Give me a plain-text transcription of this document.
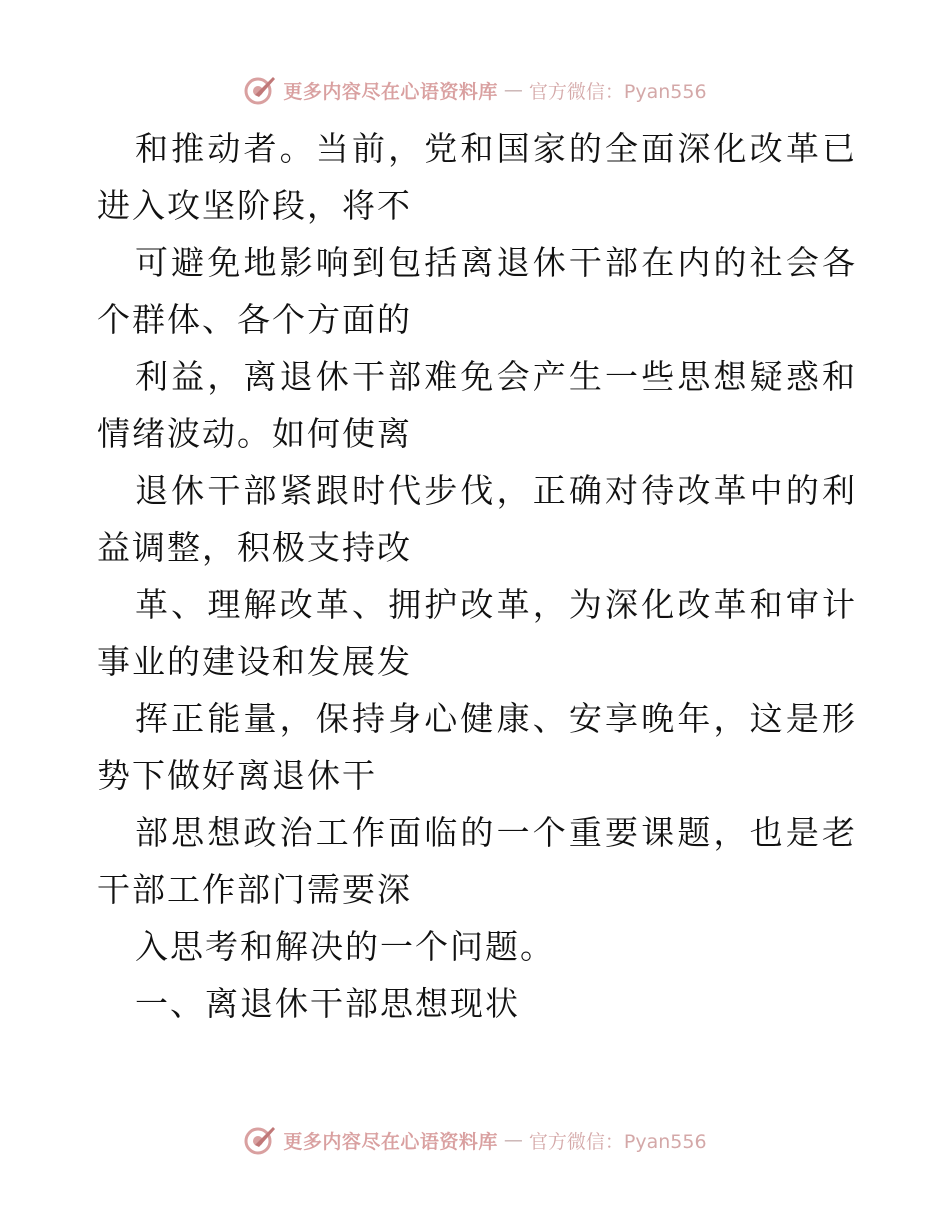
更多内容尽在心语资料库 — 官方微信：Pyan556

和推动者。当前，党和国家的全面深化改革已进入攻坚阶段，将不

可避免地影响到包括离退休干部在内的社会各个群体、各个方面的

利益，离退休干部难免会产生一些思想疑惑和情绪波动。如何使离

退休干部紧跟时代步伐，正确对待改革中的利益调整，积极支持改

革、理解改革、拥护改革，为深化改革和审计事业的建设和发展发

挥正能量，保持身心健康、安享晚年，这是形势下做好离退休干

部思想政治工作面临的一个重要课题，也是老干部工作部门需要深

入思考和解决的一个问题。

一、离退休干部思想现状

更多内容尽在心语资料库 — 官方微信：Pyan556
